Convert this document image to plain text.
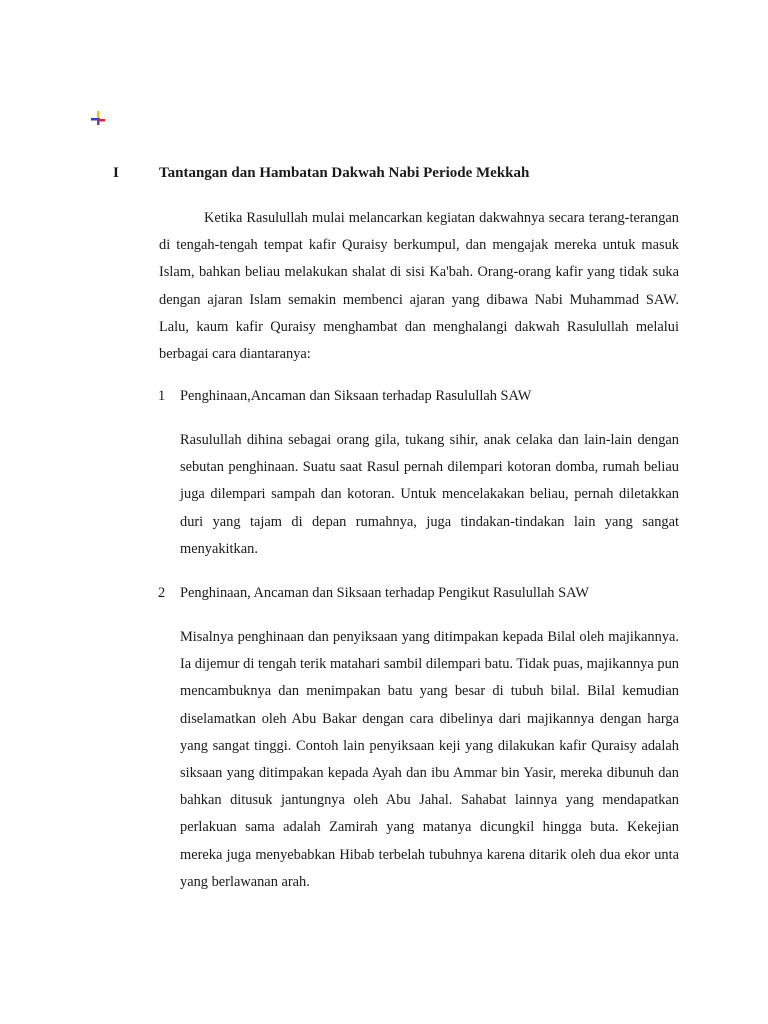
I	Tantangan dan Hambatan Dakwah Nabi Periode Mekkah

Ketika Rasulullah mulai melancarkan kegiatan dakwahnya secara terang-terangan di tengah-tengah tempat kafir Quraisy berkumpul, dan mengajak mereka untuk masuk Islam, bahkan beliau melakukan shalat di sisi Ka'bah. Orang-orang kafir yang tidak suka dengan ajaran Islam semakin membenci ajaran yang dibawa Nabi Muhammad SAW. Lalu, kaum kafir Quraisy menghambat dan menghalangi dakwah Rasulullah melalui berbagai cara diantaranya:

1 Penghinaan,Ancaman dan Siksaan terhadap Rasulullah SAW

Rasulullah dihina sebagai orang gila, tukang sihir, anak celaka dan lain-lain dengan sebutan penghinaan. Suatu saat Rasul pernah dilempari kotoran domba, rumah beliau juga dilempari sampah dan kotoran. Untuk mencelakakan beliau, pernah diletakkan duri yang tajam di depan rumahnya, juga tindakan-tindakan lain yang sangat menyakitkan.

2 Penghinaan, Ancaman dan Siksaan terhadap Pengikut Rasulullah SAW

Misalnya penghinaan dan penyiksaan yang ditimpakan kepada Bilal oleh majikannya. Ia dijemur di tengah terik matahari sambil dilempari batu. Tidak puas, majikannya pun mencambuknya dan menimpakan batu yang besar di tubuh bilal. Bilal kemudian diselamatkan oleh Abu Bakar dengan cara dibelinya dari majikannya dengan harga yang sangat tinggi. Contoh lain penyiksaan keji yang dilakukan kafir Quraisy adalah siksaan yang ditimpakan kepada Ayah dan ibu Ammar bin Yasir, mereka dibunuh dan bahkan ditusuk jantungnya oleh Abu Jahal. Sahabat lainnya yang mendapatkan perlakuan sama adalah Zamirah yang matanya dicungkil hingga buta. Kekejian mereka juga menyebabkan Hibab terbelah tubuhnya karena ditarik oleh dua ekor unta yang berlawanan arah.
